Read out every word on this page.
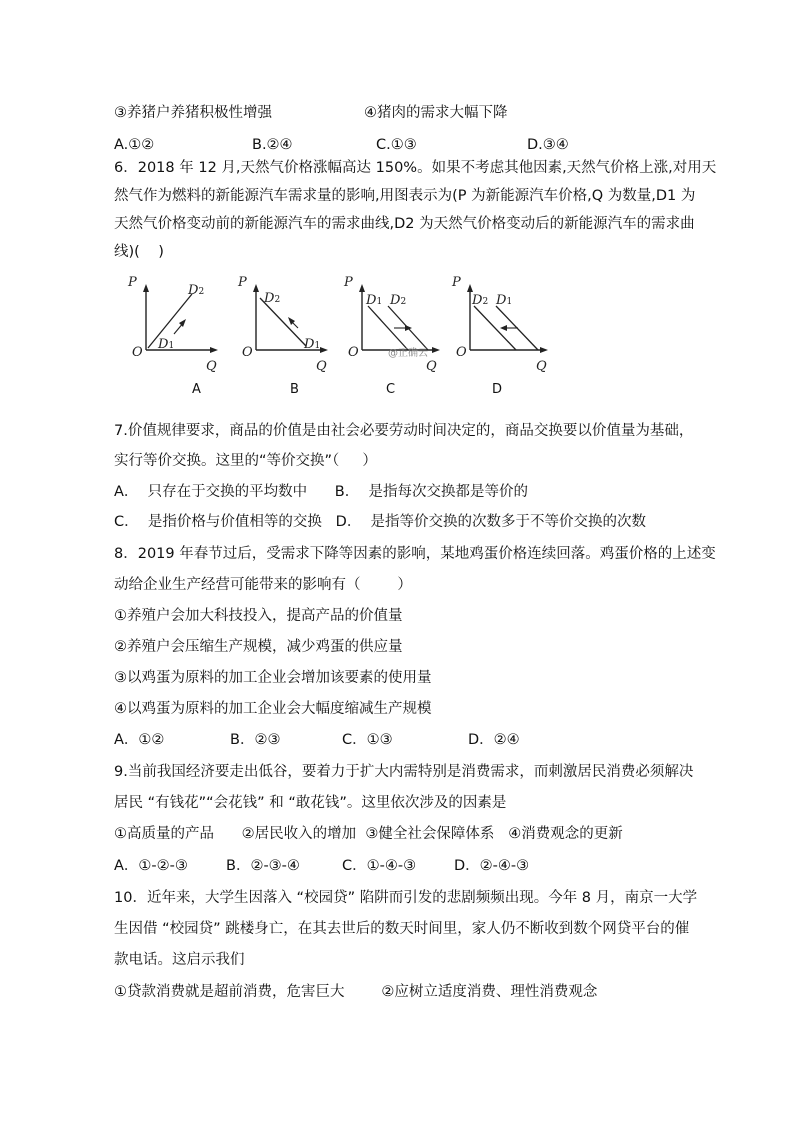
③养猪户养猪积极性增强	④猪肉的需求大幅下降
A.①②	B.②④	C.①③	D.③④
6．2018 年 12 月,天然气价格涨幅高达 150%。如果不考虑其他因素,天然气价格上涨,对用天
然气作为燃料的新能源汽车需求量的影响,用图表示为(P 为新能源汽车价格,Q 为数量,D1 为
天然气价格变动前的新能源汽车的需求曲线,D2 为天然气价格变动后的新能源汽车的需求曲
线)(    )
P
O
Q
D2
D1
A
P
O
Q
D2
D1
B
P
O
Q
D1 D2
@正确云
C
P
O
Q
D2 D1
D
7.价值规律要求，商品的价值是由社会必要劳动时间决定的，商品交换要以价值量为基础，
实行等价交换。这里的“等价交换”（     ）
A．  只存在于交换的平均数中      B．  是指每次交换都是等价的
C．  是指价格与价值相等的交换   D．  是指等价交换的次数多于不等价交换的次数
8．2019 年春节过后，受需求下降等因素的影响，某地鸡蛋价格连续回落。鸡蛋价格的上述变
动给企业生产经营可能带来的影响有（        ）
①养殖户会加大科技投入，提高产品的价值量
②养殖户会压缩生产规模，减少鸡蛋的供应量
③以鸡蛋为原料的加工企业会增加该要素的使用量
④以鸡蛋为原料的加工企业会大幅度缩减生产规模
A．①②	B．②③	C．①③	D．②④
9.当前我国经济要走出低谷，要着力于扩大内需特别是消费需求，而刺激居民消费必须解决
居民 “有钱花”“会花钱” 和 “敢花钱”。这里依次涉及的因素是
①高质量的产品      ②居民收入的增加  ③健全社会保障体系   ④消费观念的更新
A．①-②-③	B．②-③-④	C．①-④-③	D．②-④-③
10．近年来，大学生因落入 “校园贷” 陷阱而引发的悲剧频频出现。今年 8 月，南京一大学
生因借 “校园贷” 跳楼身亡，在其去世后的数天时间里，家人仍不断收到数个网贷平台的催
款电话。这启示我们
①贷款消费就是超前消费，危害巨大        ②应树立适度消费、理性消费观念
